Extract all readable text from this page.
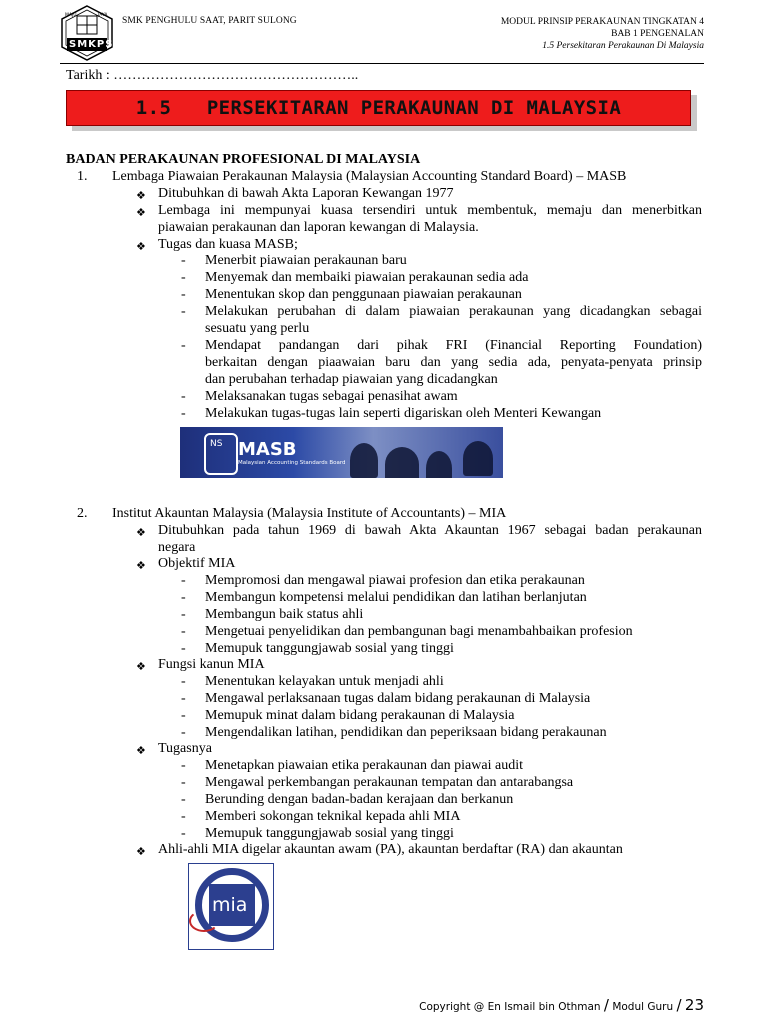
SMKPS
MAJU	JAYA
SMK PENGHULU SAAT, PARIT SULONG	MODUL PRINSIP PERAKAUNAN TINGKATAN 4
BAB 1 PENGENALAN
1.5 Persekitaran Perakaunan Di Malaysia
Tarikh : ……………………………………………..
1.5   PERSEKITARAN PERAKAUNAN DI MALAYSIA
BADAN PERAKAUNAN PROFESIONAL DI MALAYSIA
1. Lembaga Piawaian Perakaunan Malaysia (Malaysian Accounting Standard Board) – MASB
❖ Ditubuhkan di bawah Akta Laporan Kewangan 1977
❖ Lembaga ini mempunyai kuasa tersendiri untuk membentuk, memaju dan menerbitkan
piawaian perakaunan dan laporan kewangan di Malaysia.
❖ Tugas dan kuasa MASB;
- Menerbit piawaian perakaunan baru
- Menyemak dan membaiki piawaian perakaunan sedia ada
- Menentukan skop dan penggunaan piawaian perakaunan
- Melakukan perubahan di dalam piawaian perakaunan yang dicadangkan sebagai
sesuatu yang perlu
- Mendapat pandangan dari pihak FRI (Financial Reporting Foundation)
berkaitan dengan piaawaian baru dan yang sedia ada, penyata-penyata prinsip
dan perubahan terhadap piawaian yang dicadangkan
- Melaksanakan tugas sebagai penasihat awam
- Melakukan tugas-tugas lain seperti digariskan oleh Menteri Kewangan
2. Institut Akauntan Malaysia (Malaysia Institute of Accountants) – MIA
❖ Ditubuhkan pada tahun 1969 di bawah Akta Akauntan 1967 sebagai badan perakaunan
negara
❖ Objektif MIA
- Mempromosi dan mengawal piawai profesion dan etika perakaunan
- Membangun kompetensi melalui pendidikan dan latihan berlanjutan
- Membangun baik status ahli
- Mengetuai penyelidikan dan pembangunan bagi menambahbaikan profesion
- Memupuk tanggungjawab sosial yang tinggi
❖ Fungsi kanun MIA
- Menentukan kelayakan untuk menjadi ahli
- Mengawal perlaksanaan tugas dalam bidang perakaunan di Malaysia
- Memupuk minat dalam bidang perakaunan di Malaysia
- Mengendalikan latihan, pendidikan dan peperiksaan bidang perakaunan
❖ Tugasnya
- Menetapkan piawaian etika perakaunan dan piawai audit
- Mengawal perkembangan perakaunan tempatan dan antarabangsa
- Berunding dengan badan-badan kerajaan dan berkanun
- Memberi sokongan teknikal kepada ahli MIA
- Memupuk tanggungjawab sosial yang tinggi
❖ Ahli-ahli MIA digelar akauntan awam (PA), akauntan berdaftar (RA) dan akauntan
NS MASB
Malaysian Accounting Standards Board
mia
Copyright @ En Ismail bin Othman / Modul Guru / 23
